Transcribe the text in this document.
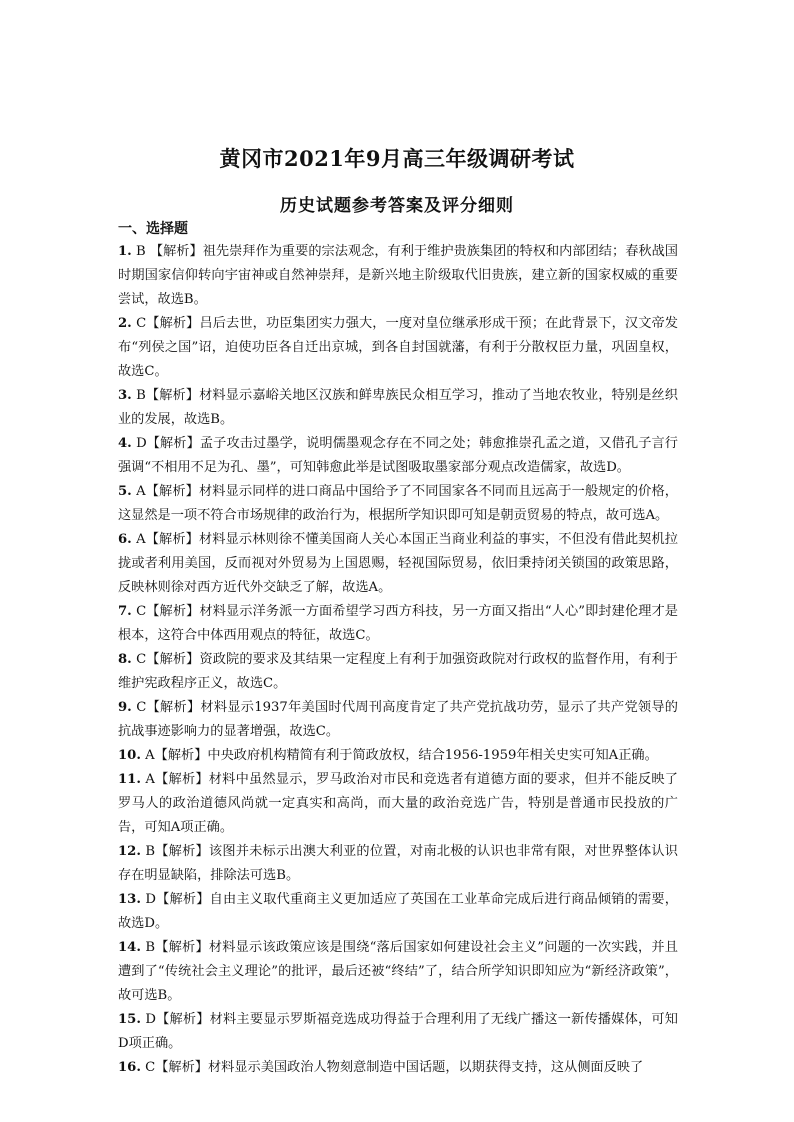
黄冈市2021年9月高三年级调研考试
历史试题参考答案及评分细则
一、选择题

1. B 【解析】祖先崇拜作为重要的宗法观念，有利于维护贵族集团的特权和内部团结；春秋战国时期国家信仰转向宇宙神或自然神崇拜，是新兴地主阶级取代旧贵族，建立新的国家权威的重要尝试，故选B。

2. C【解析】吕后去世，功臣集团实力强大，一度对皇位继承形成干预；在此背景下，汉文帝发布“列侯之国”诏，迫使功臣各自迁出京城，到各自封国就藩，有利于分散权臣力量，巩固皇权，故选C。

3. B【解析】材料显示嘉峪关地区汉族和鲜卑族民众相互学习，推动了当地农牧业，特别是丝织业的发展，故选B。

4. D【解析】孟子攻击过墨学，说明儒墨观念存在不同之处；韩愈推崇孔孟之道，又借孔子言行强调“不相用不足为孔、墨”，可知韩愈此举是试图吸取墨家部分观点改造儒家，故选D。

5. A【解析】材料显示同样的进口商品中国给予了不同国家各不同而且远高于一般规定的价格，这显然是一项不符合市场规律的政治行为，根据所学知识即可知是朝贡贸易的特点，故可选A。

6. A【解析】材料显示林则徐不懂美国商人关心本国正当商业利益的事实，不但没有借此契机拉拢或者利用美国，反而视对外贸易为上国恩赐，轻视国际贸易，依旧秉持闭关锁国的政策思路，反映林则徐对西方近代外交缺乏了解，故选A。

7. C【解析】材料显示洋务派一方面希望学习西方科技，另一方面又指出“人心”即封建伦理才是根本，这符合中体西用观点的特征，故选C。

8. C【解析】资政院的要求及其结果一定程度上有利于加强资政院对行政权的监督作用，有利于维护宪政程序正义，故选C。

9. C【解析】材料显示1937年美国时代周刊高度肯定了共产党抗战功劳，显示了共产党领导的抗战事迹影响力的显著增强，故选C。

10. A【解析】中央政府机构精简有利于简政放权，结合1956-1959年相关史实可知A正确。

11. A【解析】材料中虽然显示，罗马政治对市民和竞选者有道德方面的要求，但并不能反映了罗马人的政治道德风尚就一定真实和高尚，而大量的政治竞选广告，特别是普通市民投放的广告，可知A项正确。

12. B【解析】该图并未标示出澳大利亚的位置，对南北极的认识也非常有限，对世界整体认识存在明显缺陷，排除法可选B。

13. D【解析】自由主义取代重商主义更加适应了英国在工业革命完成后进行商品倾销的需要，故选D。

14. B【解析】材料显示该政策应该是围绕“落后国家如何建设社会主义”问题的一次实践，并且遭到了“传统社会主义理论”的批评，最后还被“终结”了，结合所学知识即知应为“新经济政策”，故可选B。

15. D【解析】材料主要显示罗斯福竞选成功得益于合理利用了无线广播这一新传播媒体，可知D项正确。

16. C【解析】材料显示美国政治人物刻意制造中国话题，以期获得支持，这从侧面反映了
